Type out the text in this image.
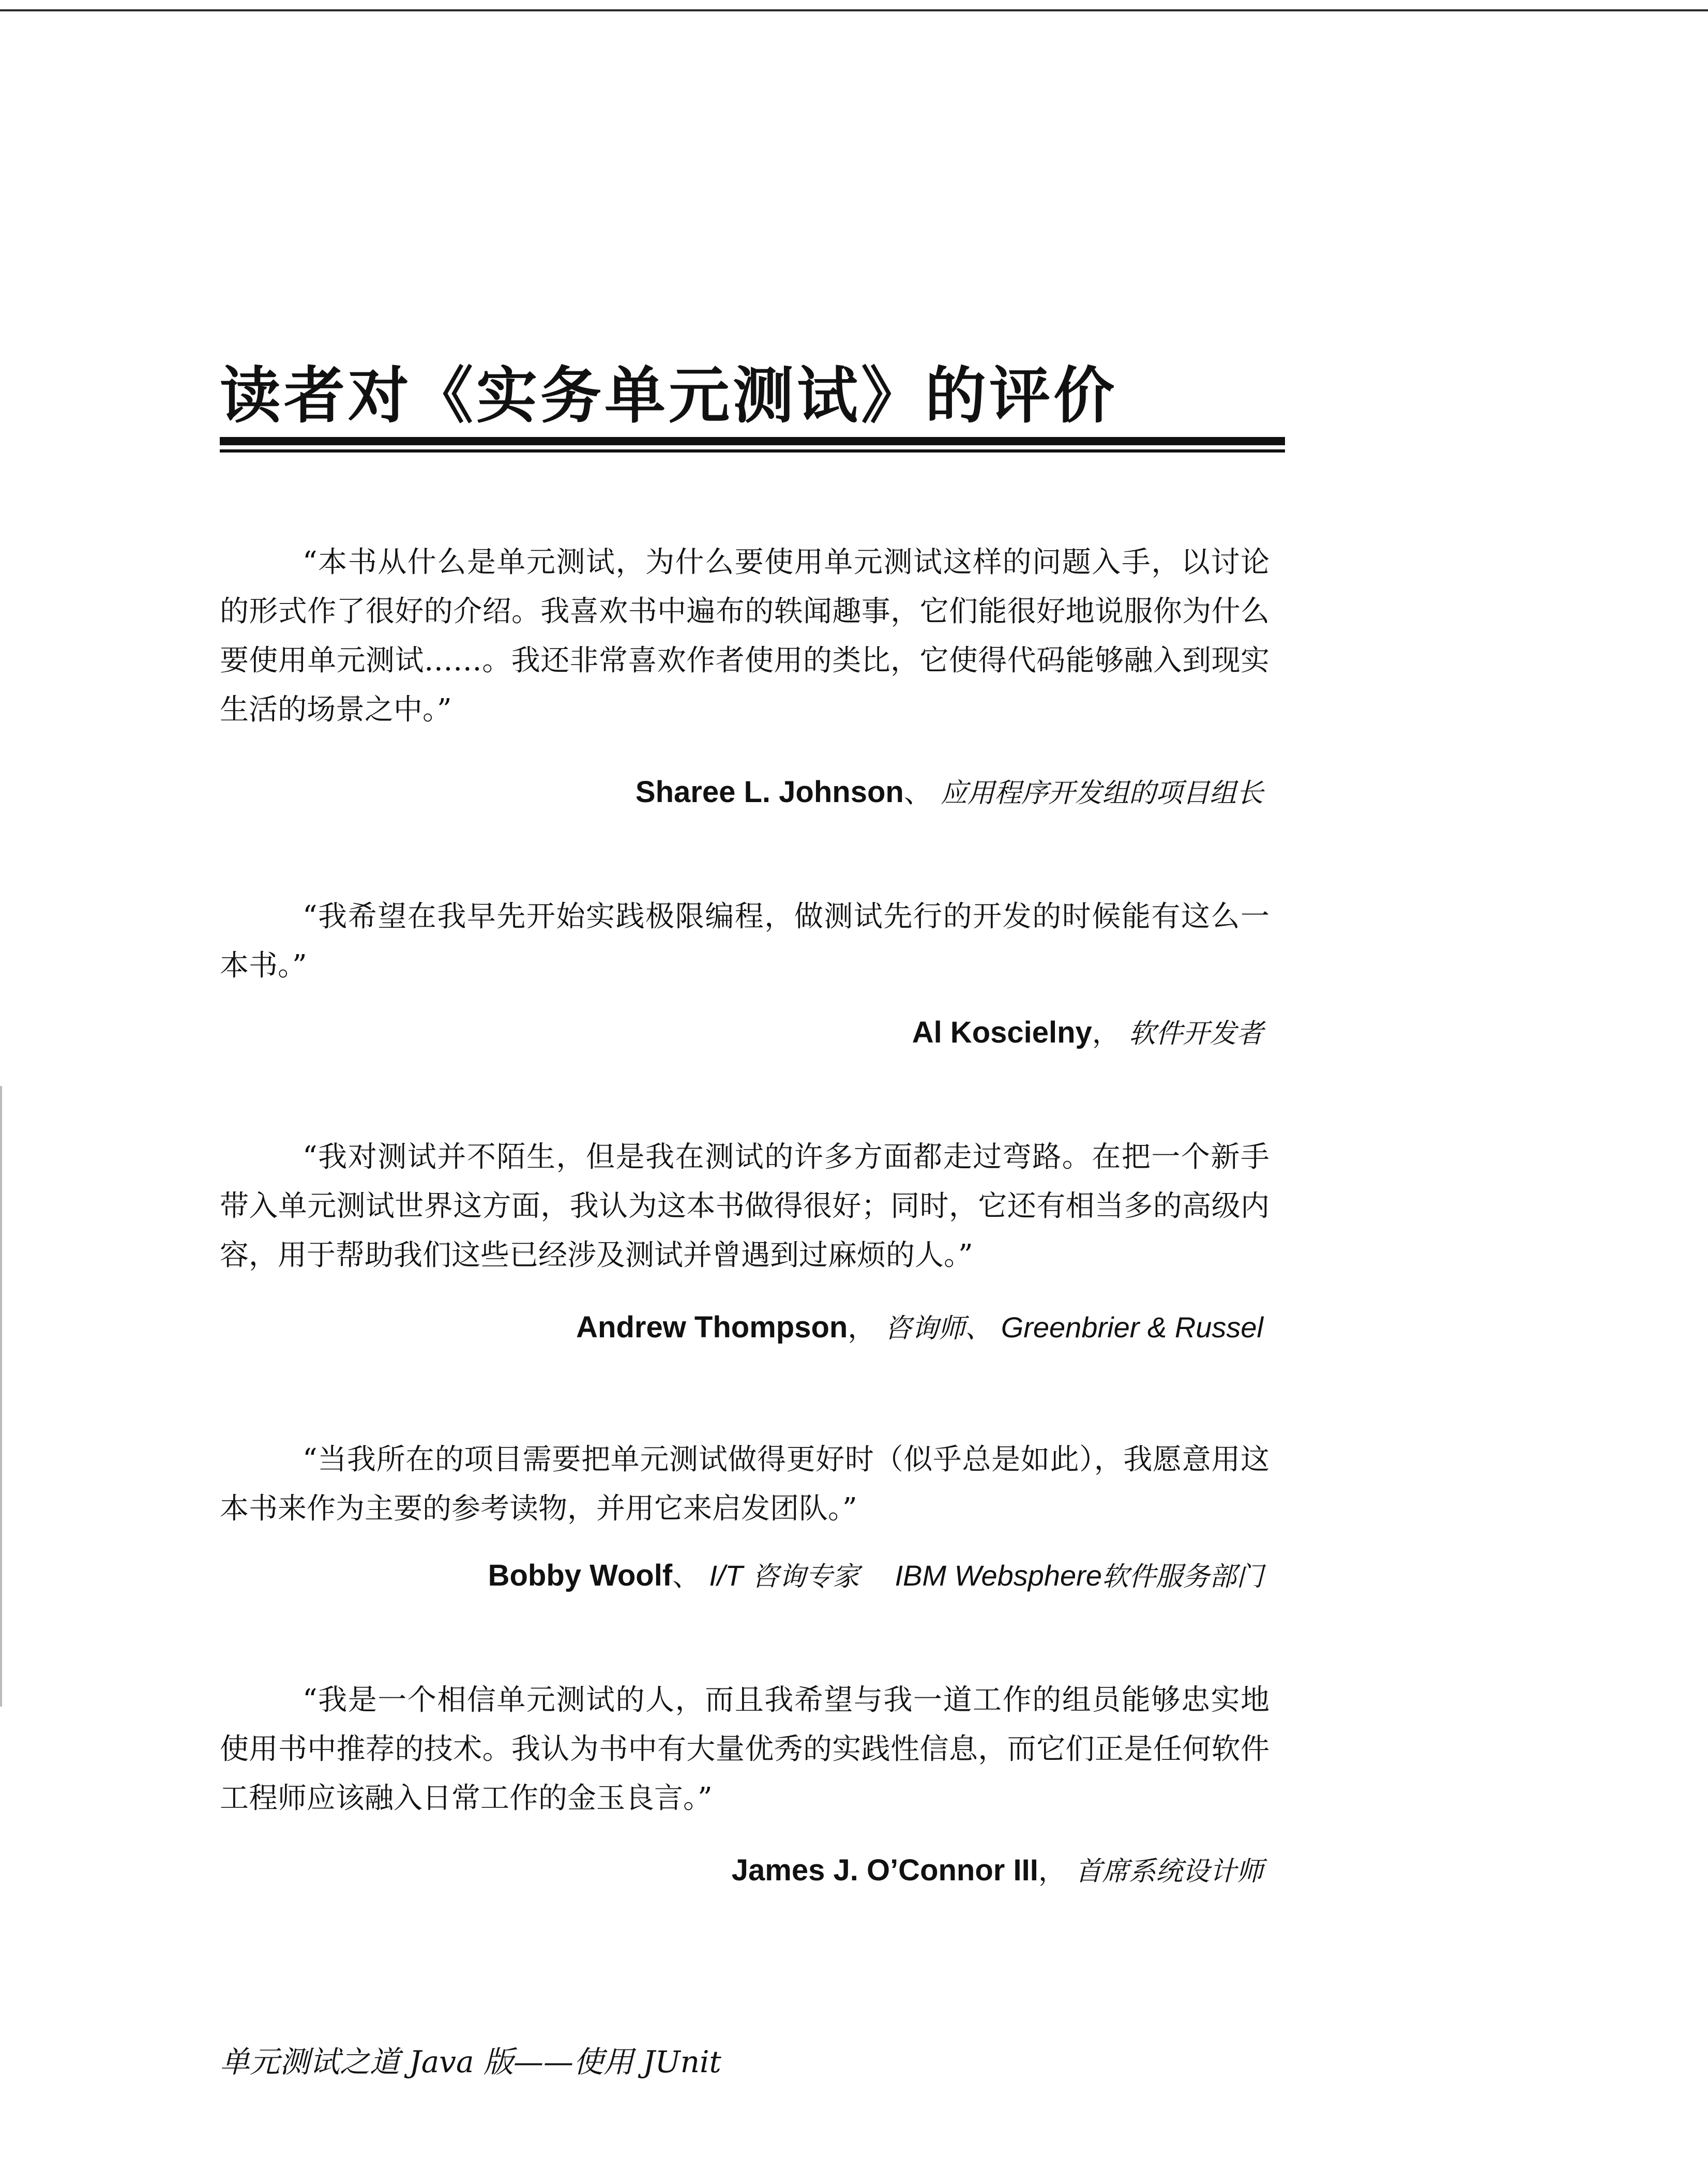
读者对《实务单元测试》的评价

“本书从什么是单元测试，为什么要使用单元测试这样的问题入手，以讨论的形式作了很好的介绍。我喜欢书中遍布的轶闻趣事，它们能很好地说服你为什么要使用单元测试……。我还非常喜欢作者使用的类比，它使得代码能够融入到现实生活的场景之中。”

Sharee L. Johnson、 应用程序开发组的项目组长

“我希望在我早先开始实践极限编程，做测试先行的开发的时候能有这么一本书。”

Al Koscielny， 软件开发者

“我对测试并不陌生，但是我在测试的许多方面都走过弯路。在把一个新手带入单元测试世界这方面，我认为这本书做得很好；同时，它还有相当多的高级内容，用于帮助我们这些已经涉及测试并曾遇到过麻烦的人。”

Andrew Thompson， 咨询师、 Greenbrier & Russel

“当我所在的项目需要把单元测试做得更好时（似乎总是如此），我愿意用这本书来作为主要的参考读物，并用它来启发团队。”

Bobby Woolf、 I/T 咨询专家 IBM Websphere软件服务部门

“我是一个相信单元测试的人，而且我希望与我一道工作的组员能够忠实地使用书中推荐的技术。我认为书中有大量优秀的实践性信息，而它们正是任何软件工程师应该融入日常工作的金玉良言。”

James J. O’Connor III， 首席系统设计师
单元测试之道 Java 版——使用 JUnit
